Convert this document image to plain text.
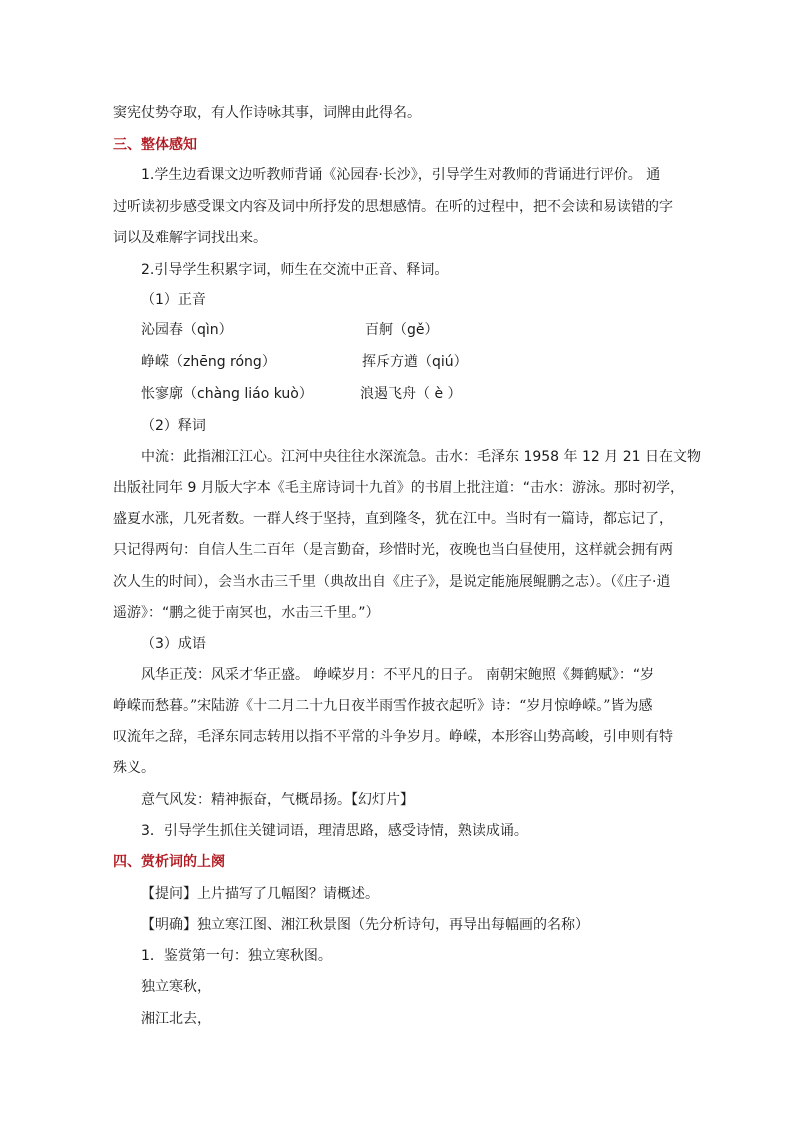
窦宪仗势夺取，有人作诗咏其事，词牌由此得名。
三、整体感知
1.学生边看课文边听教师背诵《沁园春·长沙》，引导学生对教师的背诵进行评价。 通
过听读初步感受课文内容及词中所抒发的思想感情。在听的过程中，把不会读和易读错的字
词以及难解字词找出来。
2.引导学生积累字词，师生在交流中正音、释词。
（1）正音
沁园春（qìn）	百舸（gě）
峥嵘（zhēng róng）	挥斥方遒（qiú）
怅寥廓（chàng liáo kuò）	浪遏飞舟（ è ）
（2）释词
中流：此指湘江江心。江河中央往往水深流急。击水：毛泽东 1958 年 12 月 21 日在文物
出版社同年 9 月版大字本《毛主席诗词十九首》的书眉上批注道：“击水：游泳。那时初学，
盛夏水涨，几死者数。一群人终于坚持，直到隆冬，犹在江中。当时有一篇诗，都忘记了，
只记得两句：自信人生二百年（是言勤奋，珍惜时光，夜晚也当白昼使用，这样就会拥有两
次人生的时间），会当水击三千里（典故出自《庄子》，是说定能施展鲲鹏之志）。（《庄子·逍
遥游》：“鹏之徙于南冥也，水击三千里。”）
（3）成语
风华正茂：风采才华正盛。 峥嵘岁月：不平凡的日子。 南朝宋鲍照《舞鹤赋》：“岁
峥嵘而愁暮。”宋陆游《十二月二十九日夜半雨雪作披衣起听》诗：“岁月惊峥嵘。”皆为感
叹流年之辞，毛泽东同志转用以指不平常的斗争岁月。峥嵘，本形容山势高峻，引申则有特
殊义。
意气风发：精神振奋，气概昂扬。【幻灯片】
3．引导学生抓住关键词语，理清思路，感受诗情，熟读成诵。
四、赏析词的上阕
【提问】上片描写了几幅图？请概述。
【明确】独立寒江图、湘江秋景图（先分析诗句，再导出每幅画的名称）
1．鉴赏第一句：独立寒秋图。
独立寒秋，
湘江北去，
